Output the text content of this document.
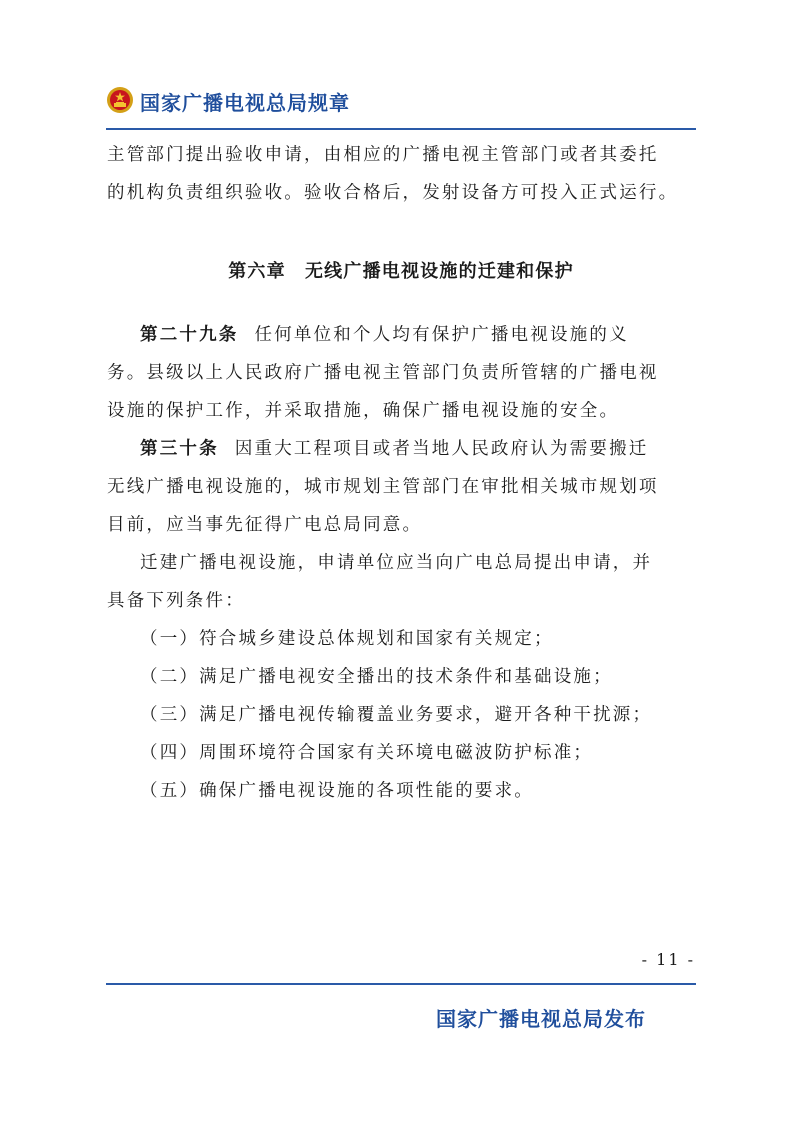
国家广播电视总局规章

主管部门提出验收申请，由相应的广播电视主管部门或者其委托

的机构负责组织验收。验收合格后，发射设备方可投入正式运行。

第六章　无线广播电视设施的迁建和保护

第二十九条 任何单位和个人均有保护广播电视设施的义

务。县级以上人民政府广播电视主管部门负责所管辖的广播电视

设施的保护工作，并采取措施，确保广播电视设施的安全。

第三十条 因重大工程项目或者当地人民政府认为需要搬迁

无线广播电视设施的，城市规划主管部门在审批相关城市规划项

目前，应当事先征得广电总局同意。

迁建广播电视设施，申请单位应当向广电总局提出申请，并

具备下列条件：

（一）符合城乡建设总体规划和国家有关规定；

（二）满足广播电视安全播出的技术条件和基础设施；

（三）满足广播电视传输覆盖业务要求，避开各种干扰源；

（四）周围环境符合国家有关环境电磁波防护标准；

（五）确保广播电视设施的各项性能的要求。

- 11 -
国家广播电视总局发布
